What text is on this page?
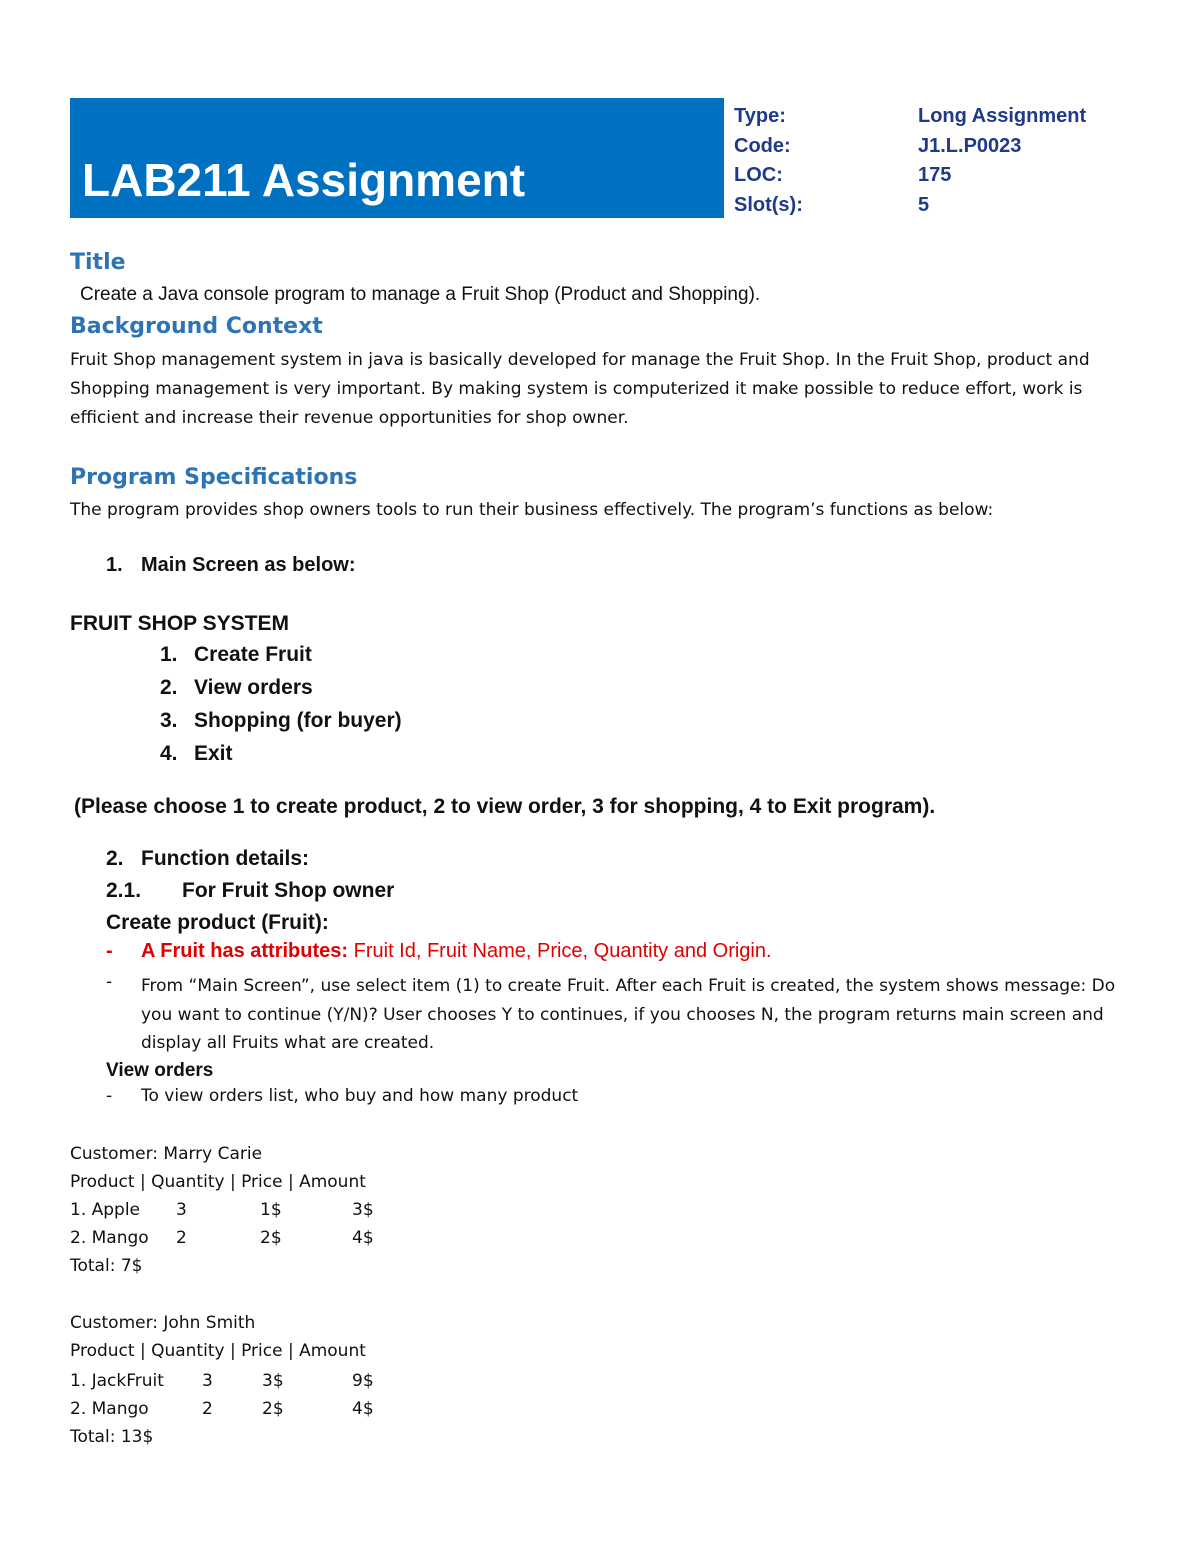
LAB211 Assignment
Type:	Long Assignment
Code:	J1.L.P0023
LOC:	175
Slot(s):	5
Title
Create a Java console program to manage a Fruit Shop (Product and Shopping).
Background Context
Fruit Shop management system in java is basically developed for manage the Fruit Shop. In the Fruit Shop, product and Shopping management is very important. By making system is computerized it make possible to reduce effort, work is efficient and increase their revenue opportunities for shop owner.
Program Specifications
The program provides shop owners tools to run their business effectively. The program’s functions as below:
1. Main Screen as below:
FRUIT SHOP SYSTEM
1. Create Fruit
2. View orders
3. Shopping (for buyer)
4. Exit
(Please choose 1 to create product, 2 to view order, 3 for shopping, 4 to Exit program).
2. Function details:
2.1. For Fruit Shop owner
Create product (Fruit):
- A Fruit has attributes: Fruit Id, Fruit Name, Price, Quantity and Origin.
- From “Main Screen”, use select item (1) to create Fruit. After each Fruit is created, the system shows message: Do you want to continue (Y/N)? User chooses Y to continues, if you chooses N, the program returns main screen and display all Fruits what are created.
View orders
- To view orders list, who buy and how many product
Customer: Marry Carie
Product | Quantity | Price | Amount
1. Apple 3	1$	3$
2. Mango 2	2$	4$
Total: 7$
Customer: John Smith
Product | Quantity | Price | Amount
1. JackFruit 3	3$	9$
2. Mango	2	2$	4$
Total: 13$
